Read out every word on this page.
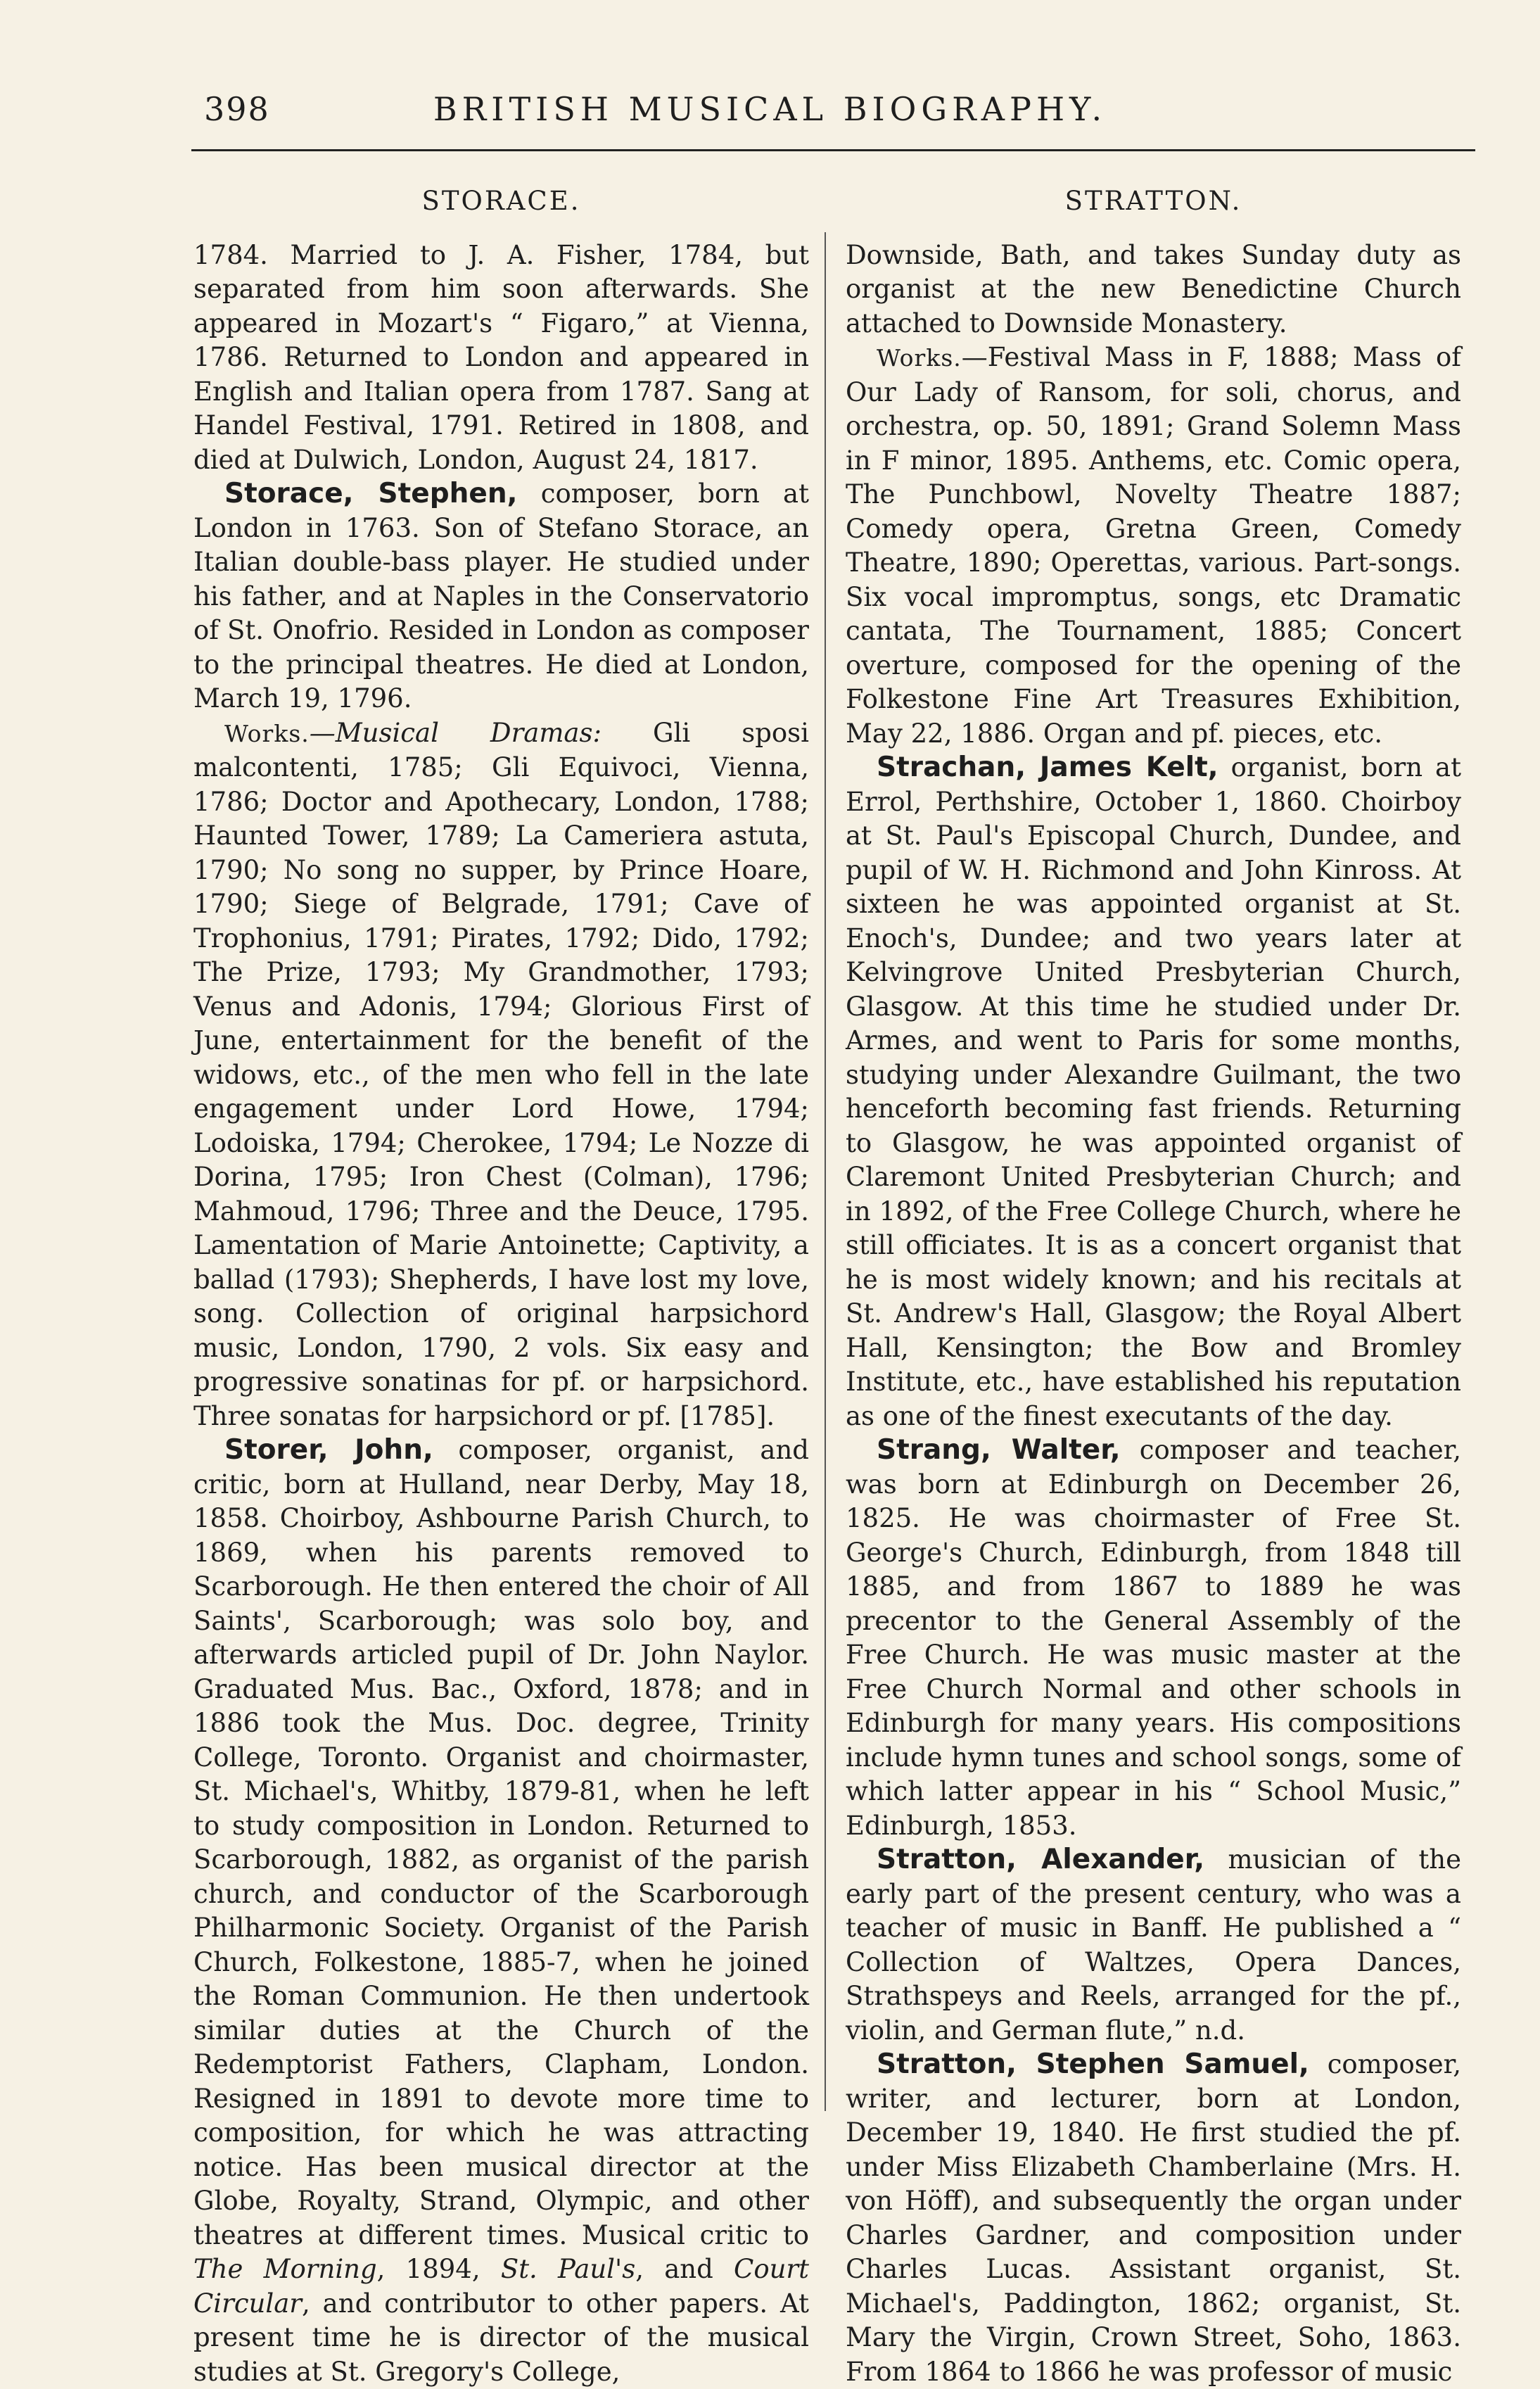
398	BRITISH MUSICAL BIOGRAPHY.
STORACE.

1784. Married to J. A. Fisher, 1784, but separated from him soon afterwards. She appeared in Mozart's “ Figaro,” at Vienna, 1786. Returned to London and appeared in English and Italian opera from 1787. Sang at Handel Festival, 1791. Retired in 1808, and died at Dulwich, London, August 24, 1817.

Storace, Stephen, composer, born at London in 1763. Son of Stefano Storace, an Italian double-bass player. He studied under his father, and at Naples in the Conservatorio of St. Onofrio. Resided in London as composer to the principal theatres. He died at London, March 19, 1796.

Works.—Musical Dramas: Gli sposi malcontenti, 1785; Gli Equivoci, Vienna, 1786; Doctor and Apothecary, London, 1788; Haunted Tower, 1789; La Cameriera astuta, 1790; No song no supper, by Prince Hoare, 1790; Siege of Belgrade, 1791; Cave of Trophonius, 1791; Pirates, 1792; Dido, 1792; The Prize, 1793; My Grandmother, 1793; Venus and Adonis, 1794; Glorious First of June, entertainment for the benefit of the widows, etc., of the men who fell in the late engagement under Lord Howe, 1794; Lodoiska, 1794; Cherokee, 1794; Le Nozze di Dorina, 1795; Iron Chest (Colman), 1796; Mahmoud, 1796; Three and the Deuce, 1795. Lamentation of Marie Antoinette; Captivity, a ballad (1793); Shepherds, I have lost my love, song. Collection of original harpsichord music, London, 1790, 2 vols. Six easy and progressive sonatinas for pf. or harpsichord. Three sonatas for harpsichord or pf. [1785].

Storer, John, composer, organist, and critic, born at Hulland, near Derby, May 18, 1858. Choirboy, Ashbourne Parish Church, to 1869, when his parents removed to Scarborough. He then entered the choir of All Saints', Scarborough; was solo boy, and afterwards articled pupil of Dr. John Naylor. Graduated Mus. Bac., Oxford, 1878; and in 1886 took the Mus. Doc. degree, Trinity College, Toronto. Organist and choirmaster, St. Michael's, Whitby, 1879-81, when he left to study composition in London. Returned to Scarborough, 1882, as organist of the parish church, and conductor of the Scarborough Philharmonic Society. Organist of the Parish Church, Folkestone, 1885-7, when he joined the Roman Communion. He then undertook similar duties at the Church of the Redemptorist Fathers, Clapham, London. Resigned in 1891 to devote more time to composition, for which he was attracting notice. Has been musical director at the Globe, Royalty, Strand, Olympic, and other theatres at different times. Musical critic to The Morning, 1894, St. Paul's, and Court Circular, and contributor to other papers. At present time he is director of the musical studies at St. Gregory's College,

STRATTON.

Downside, Bath, and takes Sunday duty as organist at the new Benedictine Church attached to Downside Monastery.

Works.—Festival Mass in F, 1888; Mass of Our Lady of Ransom, for soli, chorus, and orchestra, op. 50, 1891; Grand Solemn Mass in F minor, 1895. Anthems, etc. Comic opera, The Punchbowl, Novelty Theatre 1887; Comedy opera, Gretna Green, Comedy Theatre, 1890; Operettas, various. Part-songs. Six vocal impromptus, songs, etc Dramatic cantata, The Tournament, 1885; Concert overture, composed for the opening of the Folkestone Fine Art Treasures Exhibition, May 22, 1886. Organ and pf. pieces, etc.

Strachan, James Kelt, organist, born at Errol, Perthshire, October 1, 1860. Choirboy at St. Paul's Episcopal Church, Dundee, and pupil of W. H. Richmond and John Kinross. At sixteen he was appointed organist at St. Enoch's, Dundee; and two years later at Kelvingrove United Presbyterian Church, Glasgow. At this time he studied under Dr. Armes, and went to Paris for some months, studying under Alexandre Guilmant, the two henceforth becoming fast friends. Returning to Glasgow, he was appointed organist of Claremont United Presbyterian Church; and in 1892, of the Free College Church, where he still officiates. It is as a concert organist that he is most widely known; and his recitals at St. Andrew's Hall, Glasgow; the Royal Albert Hall, Kensington; the Bow and Bromley Institute, etc., have established his reputation as one of the finest executants of the day.

Strang, Walter, composer and teacher, was born at Edinburgh on December 26, 1825. He was choirmaster of Free St. George's Church, Edinburgh, from 1848 till 1885, and from 1867 to 1889 he was precentor to the General Assembly of the Free Church. He was music master at the Free Church Normal and other schools in Edinburgh for many years. His compositions include hymn tunes and school songs, some of which latter appear in his “ School Music,” Edinburgh, 1853.

Stratton, Alexander, musician of the early part of the present century, who was a teacher of music in Banff. He published a “ Collection of Waltzes, Opera Dances, Strathspeys and Reels, arranged for the pf., violin, and German flute,” n.d.

Stratton, Stephen Samuel, composer, writer, and lecturer, born at London, December 19, 1840. He first studied the pf. under Miss Elizabeth Chamberlaine (Mrs. H. von Höff), and subsequently the organ under Charles Gardner, and composition under Charles Lucas. Assistant organist, St. Michael's, Paddington, 1862; organist, St. Mary the Virgin, Crown Street, Soho, 1863. From 1864 to 1866 he was professor of music
